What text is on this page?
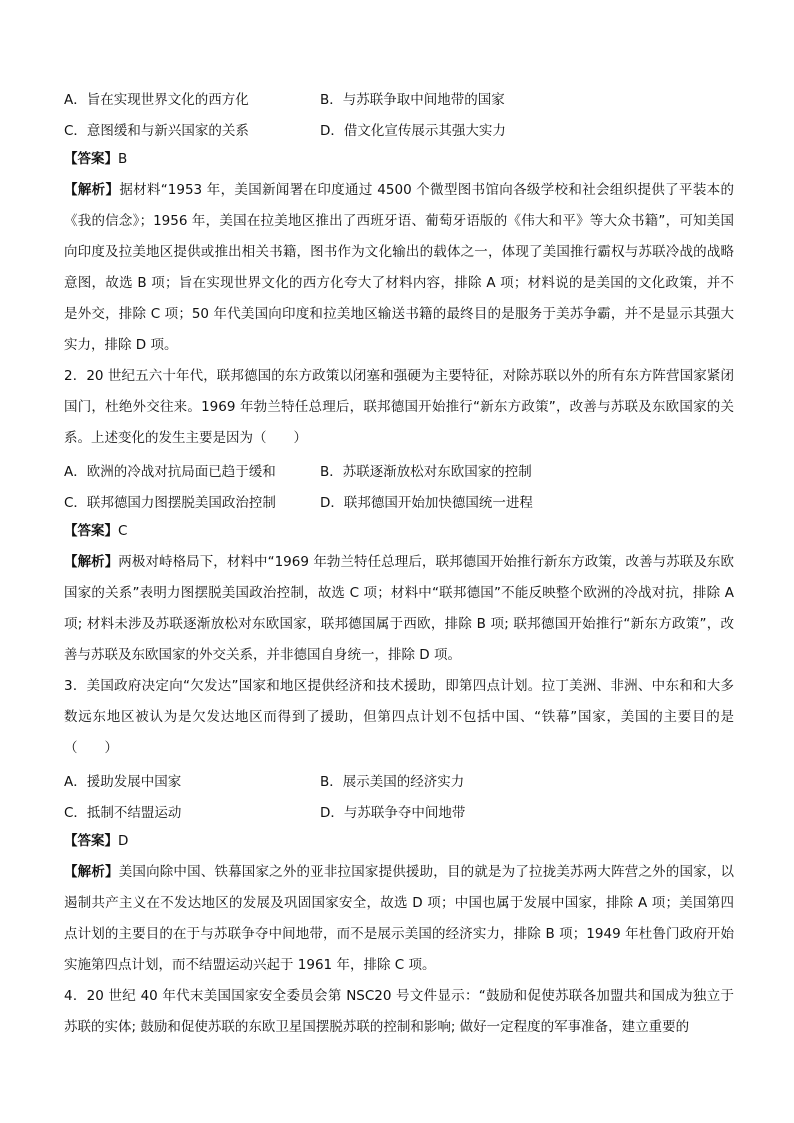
A．旨在实现世界文化的西方化	B．与苏联争取中间地带的国家
C．意图缓和与新兴国家的关系	D．借文化宣传展示其强大实力
【答案】B
【解析】据材料“1953 年，美国新闻署在印度通过 4500 个微型图书馆向各级学校和社会组织提供了平装本的《我的信念》；1956 年，美国在拉美地区推出了西班牙语、葡萄牙语版的《伟大和平》等大众书籍”，可知美国向印度及拉美地区提供或推出相关书籍，图书作为文化输出的载体之一，体现了美国推行霸权与苏联冷战的战略意图，故选 B 项；旨在实现世界文化的西方化夸大了材料内容，排除 A 项；材料说的是美国的文化政策，并不是外交，排除 C 项；50 年代美国向印度和拉美地区输送书籍的最终目的是服务于美苏争霸，并不是显示其强大实力，排除 D 项。
2．20 世纪五六十年代，联邦德国的东方政策以闭塞和强硬为主要特征，对除苏联以外的所有东方阵营国家紧闭国门，杜绝外交往来。1969 年勃兰特任总理后，联邦德国开始推行“新东方政策”，改善与苏联及东欧国家的关系。上述变化的发生主要是因为（　　）
A．欧洲的冷战对抗局面已趋于缓和	B．苏联逐渐放松对东欧国家的控制
C．联邦德国力图摆脱美国政治控制	D．联邦德国开始加快德国统一进程
【答案】C
【解析】两极对峙格局下，材料中“1969 年勃兰特任总理后，联邦德国开始推行新东方政策，改善与苏联及东欧国家的关系”表明力图摆脱美国政治控制，故选 C 项；材料中“联邦德国”不能反映整个欧洲的冷战对抗，排除 A 项; 材料未涉及苏联逐渐放松对东欧国家，联邦德国属于西欧，排除 B 项; 联邦德国开始推行“新东方政策”，改善与苏联及东欧国家的外交关系，并非德国自身统一，排除 D 项。
3．美国政府决定向“欠发达”国家和地区提供经济和技术援助，即第四点计划。拉丁美洲、非洲、中东和和大多数远东地区被认为是欠发达地区而得到了援助，但第四点计划不包括中国、“铁幕”国家，美国的主要目的是（　　）
A．援助发展中国家	B．展示美国的经济实力
C．抵制不结盟运动	D．与苏联争夺中间地带
【答案】D
【解析】美国向除中国、铁幕国家之外的亚非拉国家提供援助，目的就是为了拉拢美苏两大阵营之外的国家，以遏制共产主义在不发达地区的发展及巩固国家安全，故选 D 项；中国也属于发展中国家，排除 A 项；美国第四点计划的主要目的在于与苏联争夺中间地带，而不是展示美国的经济实力，排除 B 项；1949 年杜鲁门政府开始实施第四点计划，而不结盟运动兴起于 1961 年，排除 C 项。
4．20 世纪 40 年代末美国国家安全委员会第 NSC20 号文件显示：“鼓励和促使苏联各加盟共和国成为独立于苏联的实体; 鼓励和促使苏联的东欧卫星国摆脱苏联的控制和影响; 做好一定程度的军事准备，建立重要的
